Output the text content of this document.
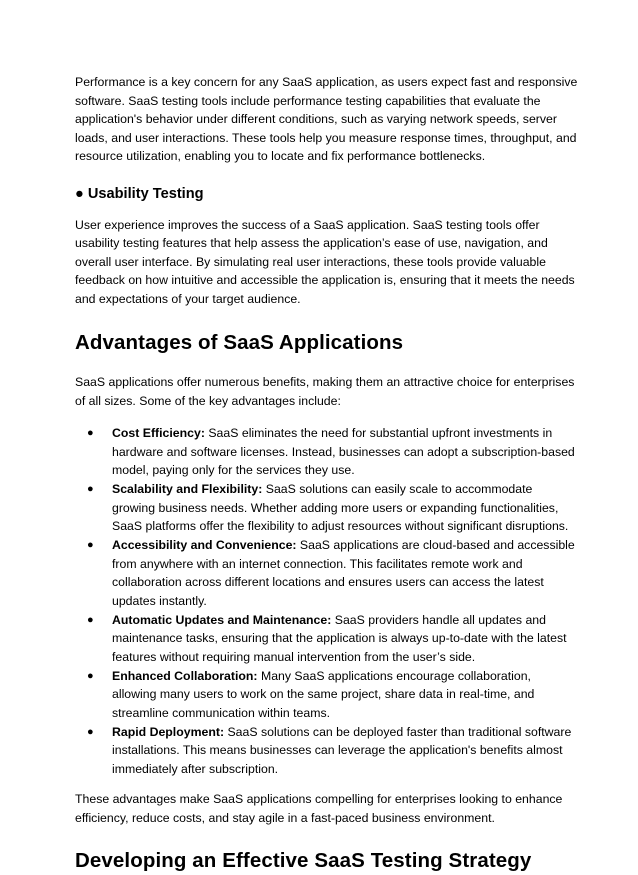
Performance is a key concern for any SaaS application, as users expect fast and responsive software. SaaS testing tools include performance testing capabilities that evaluate the application's behavior under different conditions, such as varying network speeds, server loads, and user interactions. These tools help you measure response times, throughput, and resource utilization, enabling you to locate and fix performance bottlenecks.

● Usability Testing

User experience improves the success of a SaaS application. SaaS testing tools offer usability testing features that help assess the application’s ease of use, navigation, and overall user interface. By simulating real user interactions, these tools provide valuable feedback on how intuitive and accessible the application is, ensuring that it meets the needs and expectations of your target audience.

Advantages of SaaS Applications

SaaS applications offer numerous benefits, making them an attractive choice for enterprises of all sizes. Some of the key advantages include:

● Cost Efficiency: SaaS eliminates the need for substantial upfront investments in hardware and software licenses. Instead, businesses can adopt a subscription-based model, paying only for the services they use.
● Scalability and Flexibility: SaaS solutions can easily scale to accommodate growing business needs. Whether adding more users or expanding functionalities, SaaS platforms offer the flexibility to adjust resources without significant disruptions.
● Accessibility and Convenience: SaaS applications are cloud-based and accessible from anywhere with an internet connection. This facilitates remote work and collaboration across different locations and ensures users can access the latest updates instantly.
● Automatic Updates and Maintenance: SaaS providers handle all updates and maintenance tasks, ensuring that the application is always up-to-date with the latest features without requiring manual intervention from the user’s side.
● Enhanced Collaboration: Many SaaS applications encourage collaboration, allowing many users to work on the same project, share data in real-time, and streamline communication within teams.
● Rapid Deployment: SaaS solutions can be deployed faster than traditional software installations. This means businesses can leverage the application's benefits almost immediately after subscription.

These advantages make SaaS applications compelling for enterprises looking to enhance efficiency, reduce costs, and stay agile in a fast-paced business environment.

Developing an Effective SaaS Testing Strategy
